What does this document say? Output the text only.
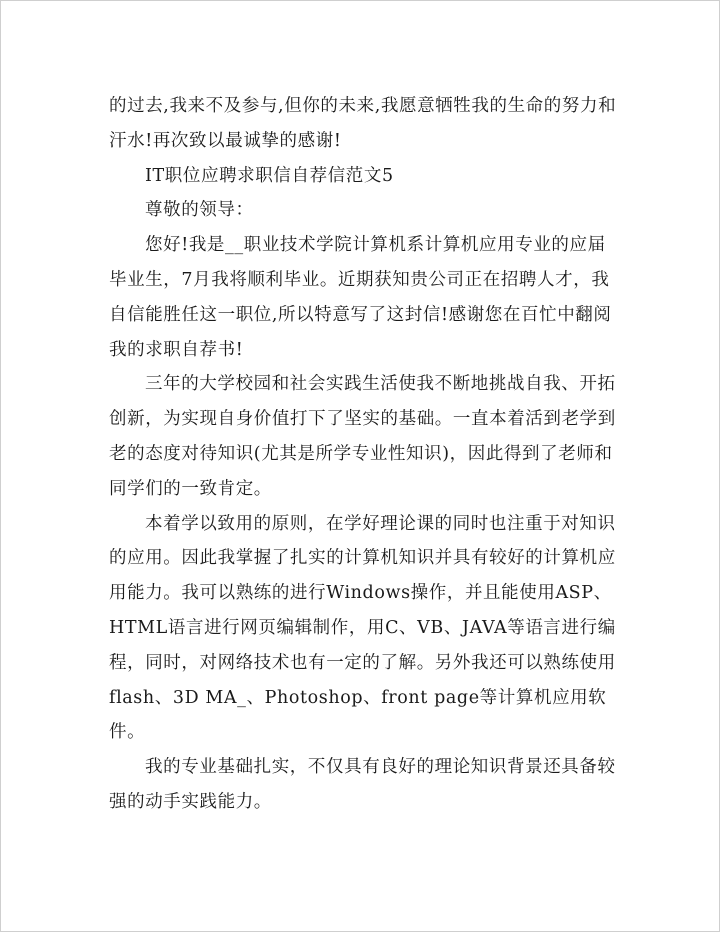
的过去,我来不及参与,但你的未来,我愿意牺牲我的生命的努力和汗水!再次致以最诚挚的感谢!

IT职位应聘求职信自荐信范文5

尊敬的领导：

您好!我是__职业技术学院计算机系计算机应用专业的应届毕业生，7月我将顺利毕业。近期获知贵公司正在招聘人才，我自信能胜任这一职位,所以特意写了这封信!感谢您在百忙中翻阅我的求职自荐书!

三年的大学校园和社会实践生活使我不断地挑战自我、开拓创新，为实现自身价值打下了坚实的基础。一直本着活到老学到老的态度对待知识(尤其是所学专业性知识)，因此得到了老师和同学们的一致肯定。

本着学以致用的原则，在学好理论课的同时也注重于对知识的应用。因此我掌握了扎实的计算机知识并具有较好的计算机应用能力。我可以熟练的进行Windows操作，并且能使用ASP、HTML语言进行网页编辑制作，用C、VB、JAVA等语言进行编程，同时，对网络技术也有一定的了解。另外我还可以熟练使用flash、3D MA_、Photoshop、front page等计算机应用软件。

我的专业基础扎实，不仅具有良好的理论知识背景还具备较强的动手实践能力。
